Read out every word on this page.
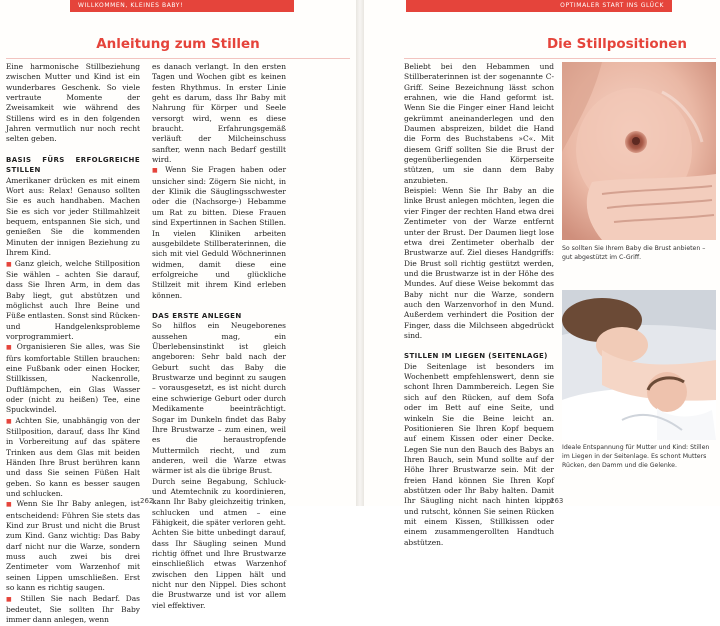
WILLKOMMEN, KLEINES BABY!
Anleitung zum Stillen

Eine harmonische Stillbeziehung zwischen Mutter und Kind ist ein wunderbares Geschenk. So viele vertraute Momente der Zweisamkeit wie während des Stillens wird es in den folgenden Jahren vermutlich nur noch recht selten geben.

BASIS FÜRS ERFOLGREICHE STILLEN

Amerikaner drücken es mit einem Wort aus: Relax! Genauso sollten Sie es auch handhaben. Machen Sie es sich vor jeder Stillmahlzeit bequem, entspannen Sie sich, und genießen Sie die kommenden Minuten der innigen Beziehung zu Ihrem Kind.

■ Ganz gleich, welche Stillposition Sie wählen – achten Sie darauf, dass Sie Ihren Arm, in dem das Baby liegt, gut abstützen und möglichst auch Ihre Beine und Füße entlasten. Sonst sind Rücken- und Handgelenksprobleme vorprogrammiert.

■ Organisieren Sie alles, was Sie fürs komfortable Stillen brauchen: eine Fußbank oder einen Hocker, Stillkissen, Nackenrolle, Duftlämpchen, ein Glas Wasser oder (nicht zu heißen) Tee, eine Spuckwindel.

■ Achten Sie, unabhängig von der Stillposition, darauf, dass Ihr Kind in Vorbereitung auf das spätere Trinken aus dem Glas mit beiden Händen Ihre Brust berühren kann und dass Sie seinen Füßen Halt geben. So kann es besser saugen und schlucken.

■ Wenn Sie Ihr Baby anlegen, ist entscheidend: Führen Sie stets das Kind zur Brust und nicht die Brust zum Kind. Ganz wichtig: Das Baby darf nicht nur die Warze, sondern muss auch zwei bis drei Zentimeter vom Warzenhof mit seinen Lippen umschließen. Erst so kann es richtig saugen.

■ Stillen Sie nach Bedarf. Das bedeutet, Sie sollten Ihr Baby immer dann anlegen, wenn

es danach verlangt. In den ersten Tagen und Wochen gibt es keinen festen Rhythmus. In erster Linie geht es darum, dass Ihr Baby mit Nahrung für Körper und Seele versorgt wird, wenn es diese braucht. Erfahrungsgemäß verläuft der Milcheinschuss sanfter, wenn nach Bedarf gestillt wird.

■ Wenn Sie Fragen haben oder unsicher sind: Zögern Sie nicht, in der Klinik die Säuglingsschwester oder die (Nachsorge-) Hebamme um Rat zu bitten. Diese Frauen sind Expertinnen in Sachen Stillen. In vielen Kliniken arbeiten ausgebildete Stillberaterinnen, die sich mit viel Geduld Wöchnerinnen widmen, damit diese eine erfolgreiche und glückliche Stillzeit mit ihrem Kind erleben können.

DAS ERSTE ANLEGEN

So hilflos ein Neugeborenes aussehen mag, ein Überlebensinstinkt ist gleich angeboren: Sehr bald nach der Geburt sucht das Baby die Brustwarze und beginnt zu saugen – vorausgesetzt, es ist nicht durch eine schwierige Geburt oder durch Medikamente beeinträchtigt. Sogar im Dunkeln findet das Baby Ihre Brustwarze – zum einen, weil es die heraustropfende Muttermilch riecht, und zum anderen, weil die Warze etwas wärmer ist als die übrige Brust.

Durch seine Begabung, Schluck- und Atemtechnik zu koordinieren, kann Ihr Baby gleichzeitig trinken, schlucken und atmen – eine Fähigkeit, die später verloren geht. Achten Sie bitte unbedingt darauf, dass Ihr Säugling seinen Mund richtig öffnet und Ihre Brustwarze einschließlich etwas Warzenhof zwischen den Lippen hält und nicht nur den Nippel. Dies schont die Brustwarze und ist vor allem viel effektiver.

262
OPTIMALER START INS GLÜCK
Die Stillpositionen

Beliebt bei den Hebammen und Stillberaterinnen ist der sogenannte C-Griff. Seine Bezeichnung lässt schon erahnen, wie die Hand geformt ist. Wenn Sie die Finger einer Hand leicht gekrümmt aneinanderlegen und den Daumen abspreizen, bildet die Hand die Form des Buchstabens »C«. Mit diesem Griff sollten Sie die Brust der gegenüberliegenden Körperseite stützen, um sie dann dem Baby anzubieten.

Beispiel: Wenn Sie Ihr Baby an die linke Brust anlegen möchten, legen die vier Finger der rechten Hand etwa drei Zentimeter von der Warze entfernt unter der Brust. Der Daumen liegt lose etwa drei Zentimeter oberhalb der Brustwarze auf. Ziel dieses Handgriffs: Die Brust soll richtig gestützt werden, und die Brustwarze ist in der Höhe des Mundes. Auf diese Weise bekommt das Baby nicht nur die Warze, sondern auch den Warzenvorhof in den Mund. Außerdem verhindert die Position der Finger, dass die Milchseen abgedrückt sind.

STILLEN IM LIEGEN (SEITENLAGE)

Die Seitenlage ist besonders im Wochenbett empfehlenswert, denn sie schont Ihren Dammbereich. Legen Sie sich auf den Rücken, auf dem Sofa oder im Bett auf eine Seite, und winkeln Sie die Beine leicht an. Positionieren Sie Ihren Kopf bequem auf einem Kissen oder einer Decke. Legen Sie nun den Bauch des Babys an Ihren Bauch, sein Mund sollte auf der Höhe Ihrer Brustwarze sein. Mit der freien Hand können Sie Ihren Kopf abstützen oder Ihr Baby halten. Damit Ihr Säugling nicht nach hinten kippt und rutscht, können Sie seinen Rücken mit einem Kissen, Stillkissen oder einem zusammengerollten Handtuch abstützen.

So sollten Sie Ihrem Baby die Brust anbieten – gut abgestützt im C-Griff.
Ideale Entspannung für Mutter und Kind: Stillen im Liegen in der Seitenlage. Es schont Mutters Rücken, den Damm und die Gelenke.
263
